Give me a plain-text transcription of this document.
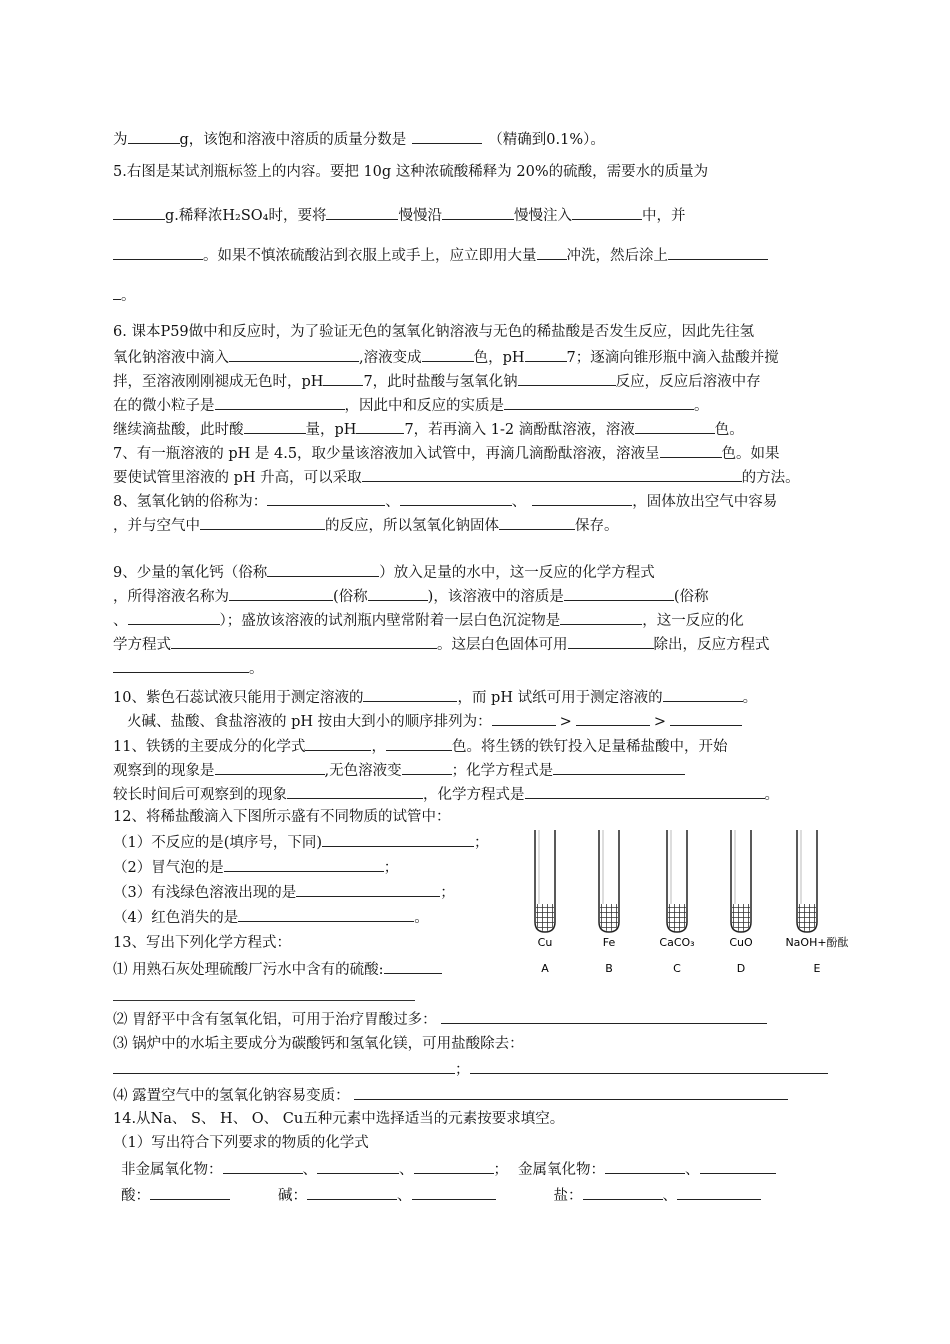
为	g，该饱和溶液中溶质的质量分数是	（精确到0.1%）。
5.右图是某试剂瓶标签上的内容。要把 10g 这种浓硫酸稀释为 20%的硫酸，需要水的质量为
g.稀释浓H₂SO₄时，要将	慢慢沿	慢慢注入	中，并
。如果不慎浓硫酸沾到衣服上或手上，应立即用大量 冲洗，然后涂上
。
6. 课本P59做中和反应时，为了验证无色的氢氧化钠溶液与无色的稀盐酸是否发生反应，因此先往氢
氧化钠溶液中滴入	,溶液变成	色，pH	7；逐滴向锥形瓶中滴入盐酸并搅
拌，至溶液刚刚褪成无色时，pH	7，此时盐酸与氢氧化钠	反应，反应后溶液中存
在的微小粒子是	，因此中和反应的实质是	。
继续滴盐酸，此时酸	量，pH	7，若再滴入 1-2 滴酚酞溶液，溶液	色。
7、有一瓶溶液的 pH 是 4.5，取少量该溶液加入试管中，再滴几滴酚酞溶液，溶液呈	色。如果
要使试管里溶液的 pH 升高，可以采取	的方法。
8、氢氧化钠的俗称为：	、	、	，固体放出空气中容易
，并与空气中	的反应，所以氢氧化钠固体	保存。
9、少量的氧化钙（俗称	）放入足量的水中，这一反应的化学方程式
，所得溶液名称为	(俗称	)，该溶液中的溶质是	(俗称
、	）；盛放该溶液的试剂瓶内壁常附着一层白色沉淀物是	，这一反应的化
学方程式	。这层白色固体可用	除出，反应方程式
。
10、紫色石蕊试液只能用于测定溶液的	，而 pH 试纸可用于测定溶液的	。
火碱、盐酸、食盐溶液的 pH 按由大到小的顺序排列为：	>	>
11、铁锈的主要成分的化学式	，	色。将生锈的铁钉投入足量稀盐酸中，开始
观察到的现象是	,无色溶液变	；化学方程式是
较长时间后可观察到的现象	，化学方程式是	。
12、将稀盐酸滴入下图所示盛有不同物质的试管中：
（1）不反应的是(填序号，下同)	；
（2）冒气泡的是	；
（3）有浅绿色溶液出现的是	；
（4）红色消失的是	。
Cu	Fe	CaCO₃	CuO	NaOH+酚酞
A	B	C	D	E
13、写出下列化学方程式：
⑴ 用熟石灰处理硫酸厂污水中含有的硫酸:
⑵ 胃舒平中含有氢氧化铝，可用于治疗胃酸过多：
⑶ 锅炉中的水垢主要成分为碳酸钙和氢氧化镁，可用盐酸除去：
；
⑷ 露置空气中的氢氧化钠容易变质：
14.从Na、 S、 H、 O、 Cu五种元素中选择适当的元素按要求填空。
（1）写出符合下列要求的物质的化学式
非金属氧化物：	、	、	； 金属氧化物：	、
酸：	碱：	、	盐：	、
